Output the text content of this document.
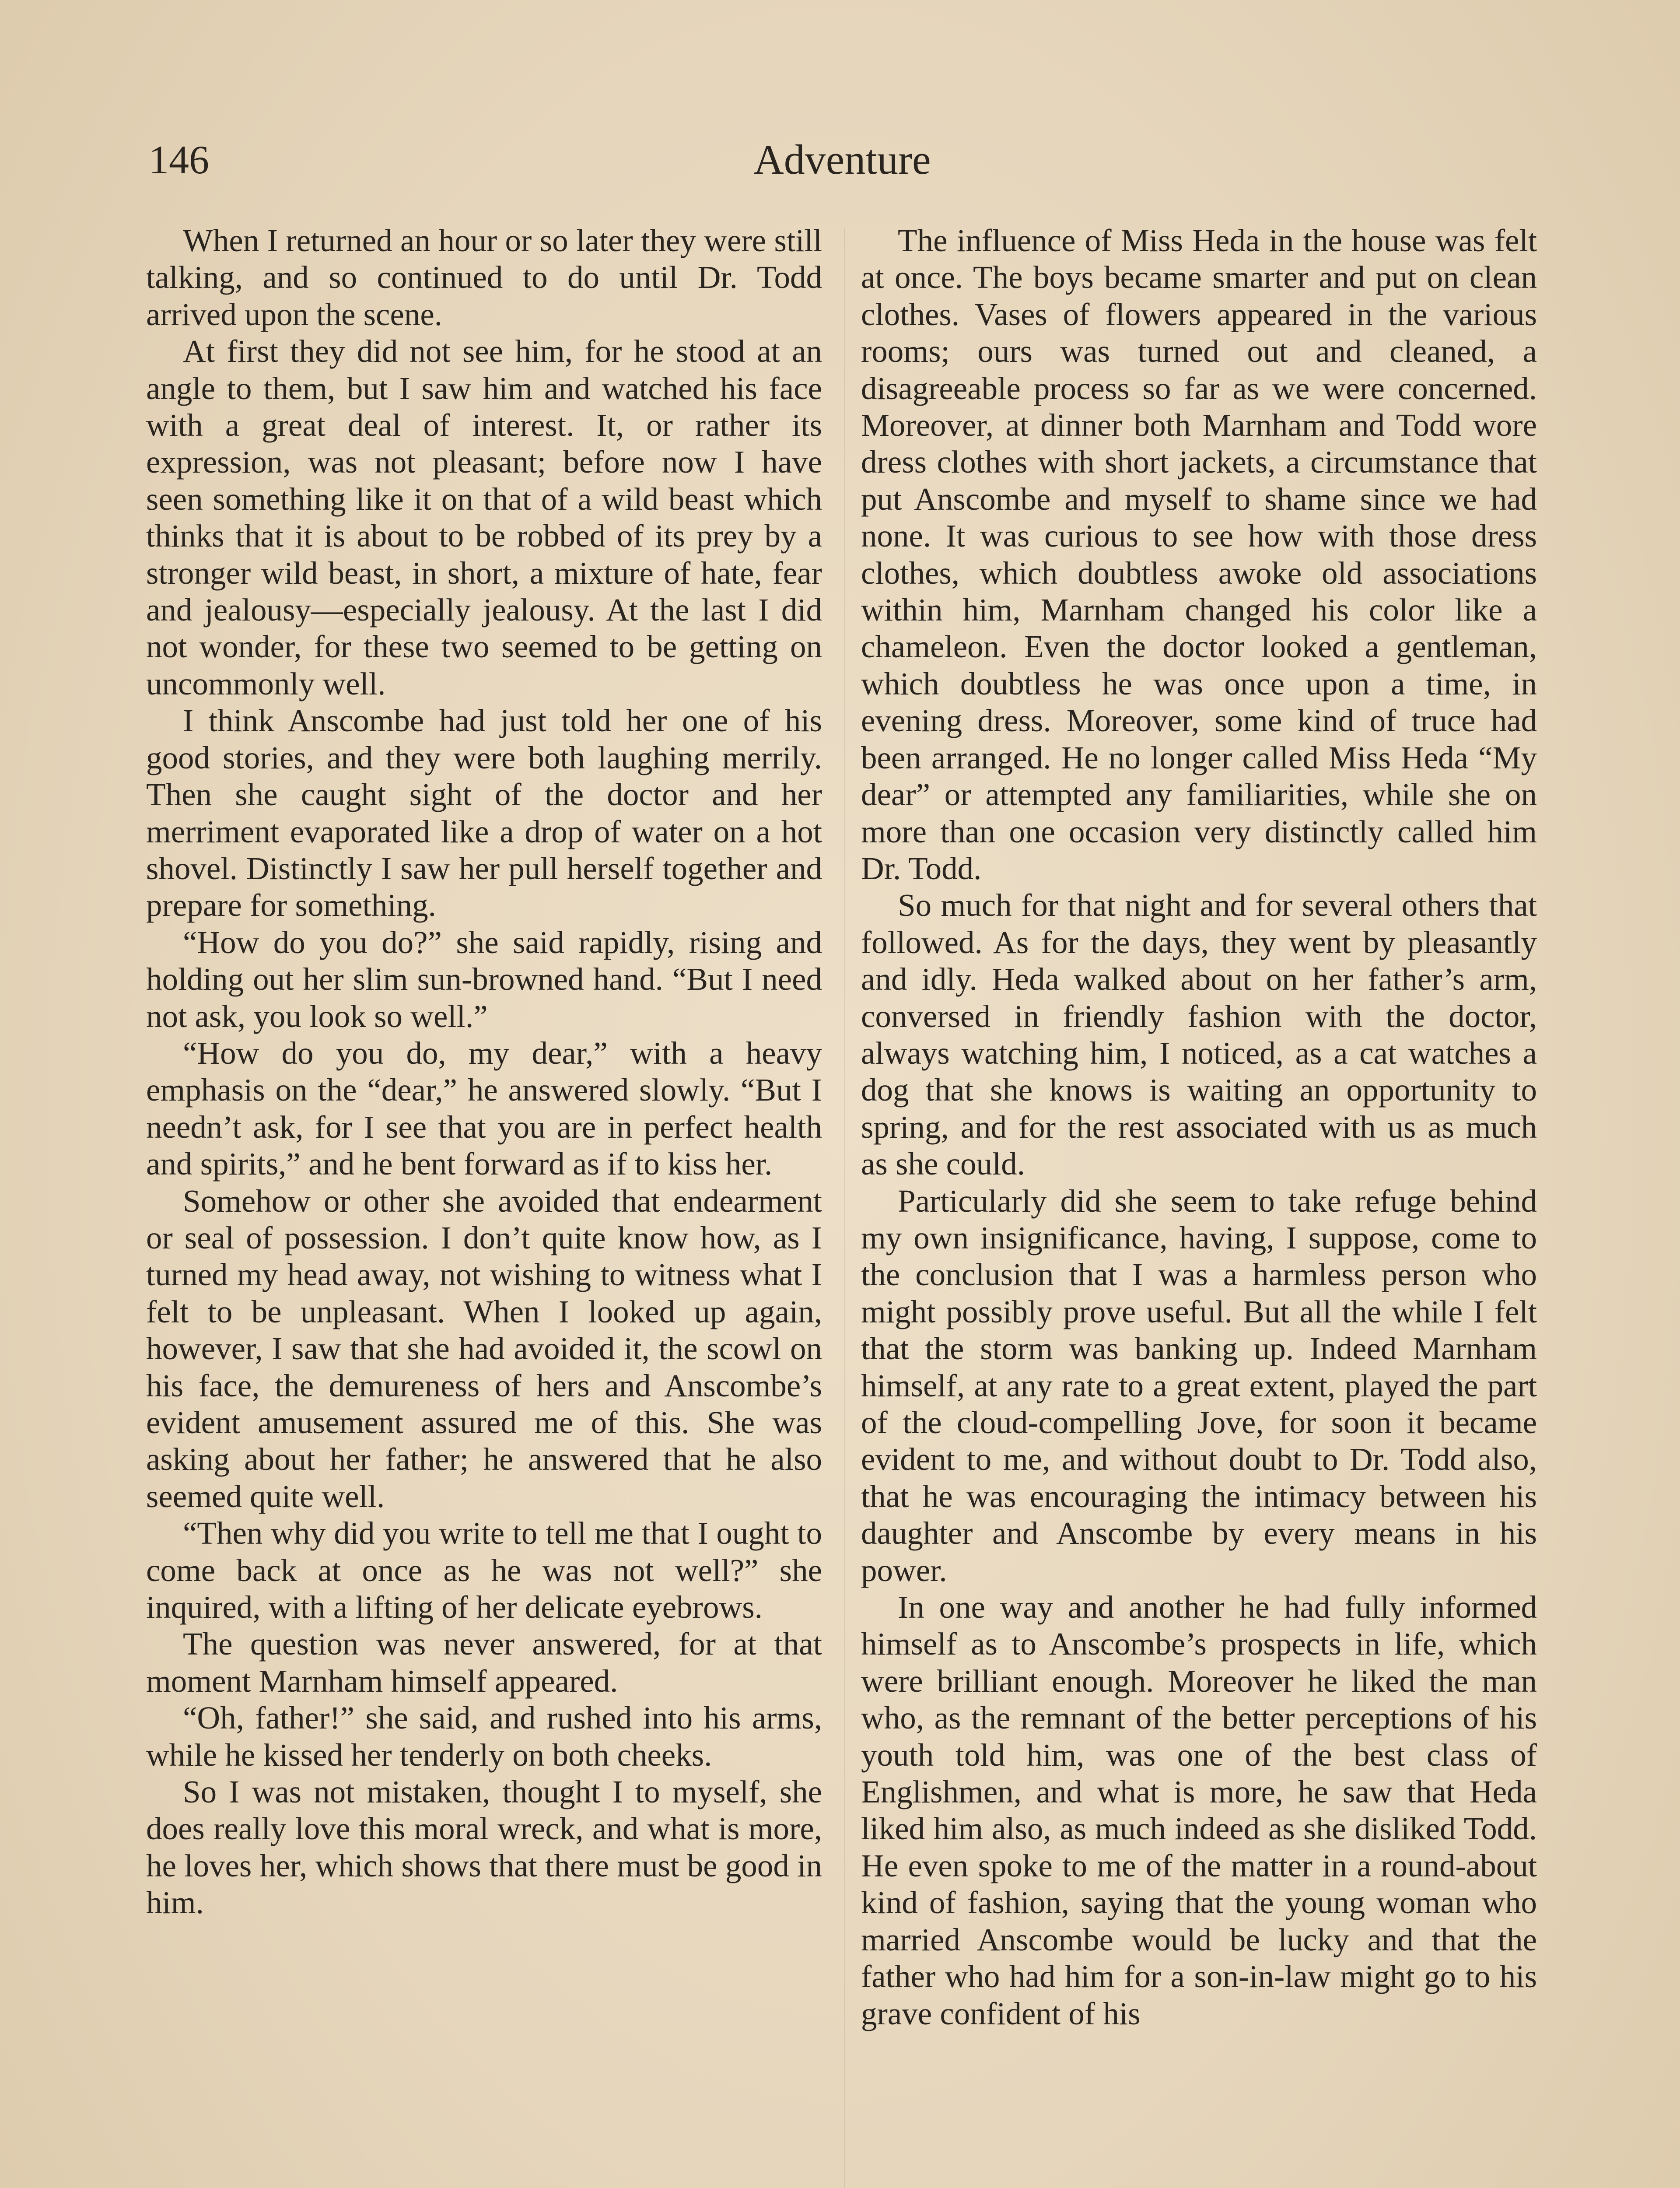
146	Adventure

When I returned an hour or so later they were still talking, and so continued to do until Dr. Todd arrived upon the scene.

At first they did not see him, for he stood at an angle to them, but I saw him and watched his face with a great deal of interest. It, or rather its expression, was not pleasant; before now I have seen something like it on that of a wild beast which thinks that it is about to be robbed of its prey by a stronger wild beast, in short, a mixture of hate, fear and jealousy—especially jealousy. At the last I did not wonder, for these two seemed to be getting on uncommonly well.

I think Anscombe had just told her one of his good stories, and they were both laughing merrily. Then she caught sight of the doctor and her merriment evaporated like a drop of water on a hot shovel. Distinctly I saw her pull herself together and prepare for something.

“How do you do?” she said rapidly, rising and holding out her slim sun-browned hand. “But I need not ask, you look so well.”

“How do you do, my dear,” with a heavy emphasis on the “dear,” he answered slowly. “But I needn’t ask, for I see that you are in perfect health and spirits,” and he bent forward as if to kiss her.

Somehow or other she avoided that endearment or seal of possession. I don’t quite know how, as I turned my head away, not wishing to witness what I felt to be unpleasant. When I looked up again, however, I saw that she had avoided it, the scowl on his face, the demureness of hers and Anscombe’s evident amusement assured me of this. She was asking about her father; he answered that he also seemed quite well.

“Then why did you write to tell me that I ought to come back at once as he was not well?” she inquired, with a lifting of her delicate eyebrows.

The question was never answered, for at that moment Marnham himself appeared.

“Oh, father!” she said, and rushed into his arms, while he kissed her tenderly on both cheeks.

So I was not mistaken, thought I to myself, she does really love this moral wreck, and what is more, he loves her, which shows that there must be good in him.

The influence of Miss Heda in the house was felt at once. The boys became smarter and put on clean clothes. Vases of flowers appeared in the various rooms; ours was turned out and cleaned, a disagreeable process so far as we were concerned. Moreover, at dinner both Marnham and Todd wore dress clothes with short jackets, a circumstance that put Anscombe and myself to shame since we had none. It was curious to see how with those dress clothes, which doubtless awoke old associations within him, Marnham changed his color like a chameleon. Even the doctor looked a gentleman, which doubtless he was once upon a time, in evening dress. Moreover, some kind of truce had been arranged. He no longer called Miss Heda “My dear” or attempted any familiarities, while she on more than one occasion very distinctly called him Dr. Todd.

So much for that night and for several others that followed. As for the days, they went by pleasantly and idly. Heda walked about on her father’s arm, conversed in friendly fashion with the doctor, always watching him, I noticed, as a cat watches a dog that she knows is waiting an opportunity to spring, and for the rest associated with us as much as she could.

Particularly did she seem to take refuge behind my own insignificance, having, I suppose, come to the conclusion that I was a harmless person who might possibly prove useful. But all the while I felt that the storm was banking up. Indeed Marnham himself, at any rate to a great extent, played the part of the cloud-compelling Jove, for soon it became evident to me, and without doubt to Dr. Todd also, that he was encouraging the intimacy between his daughter and Anscombe by every means in his power.

In one way and another he had fully informed himself as to Anscombe’s prospects in life, which were brilliant enough. Moreover he liked the man who, as the remnant of the better perceptions of his youth told him, was one of the best class of Englishmen, and what is more, he saw that Heda liked him also, as much indeed as she disliked Todd. He even spoke to me of the matter in a round-about kind of fashion, saying that the young woman who married Anscombe would be lucky and that the father who had him for a son-in-law might go to his grave confident of his
